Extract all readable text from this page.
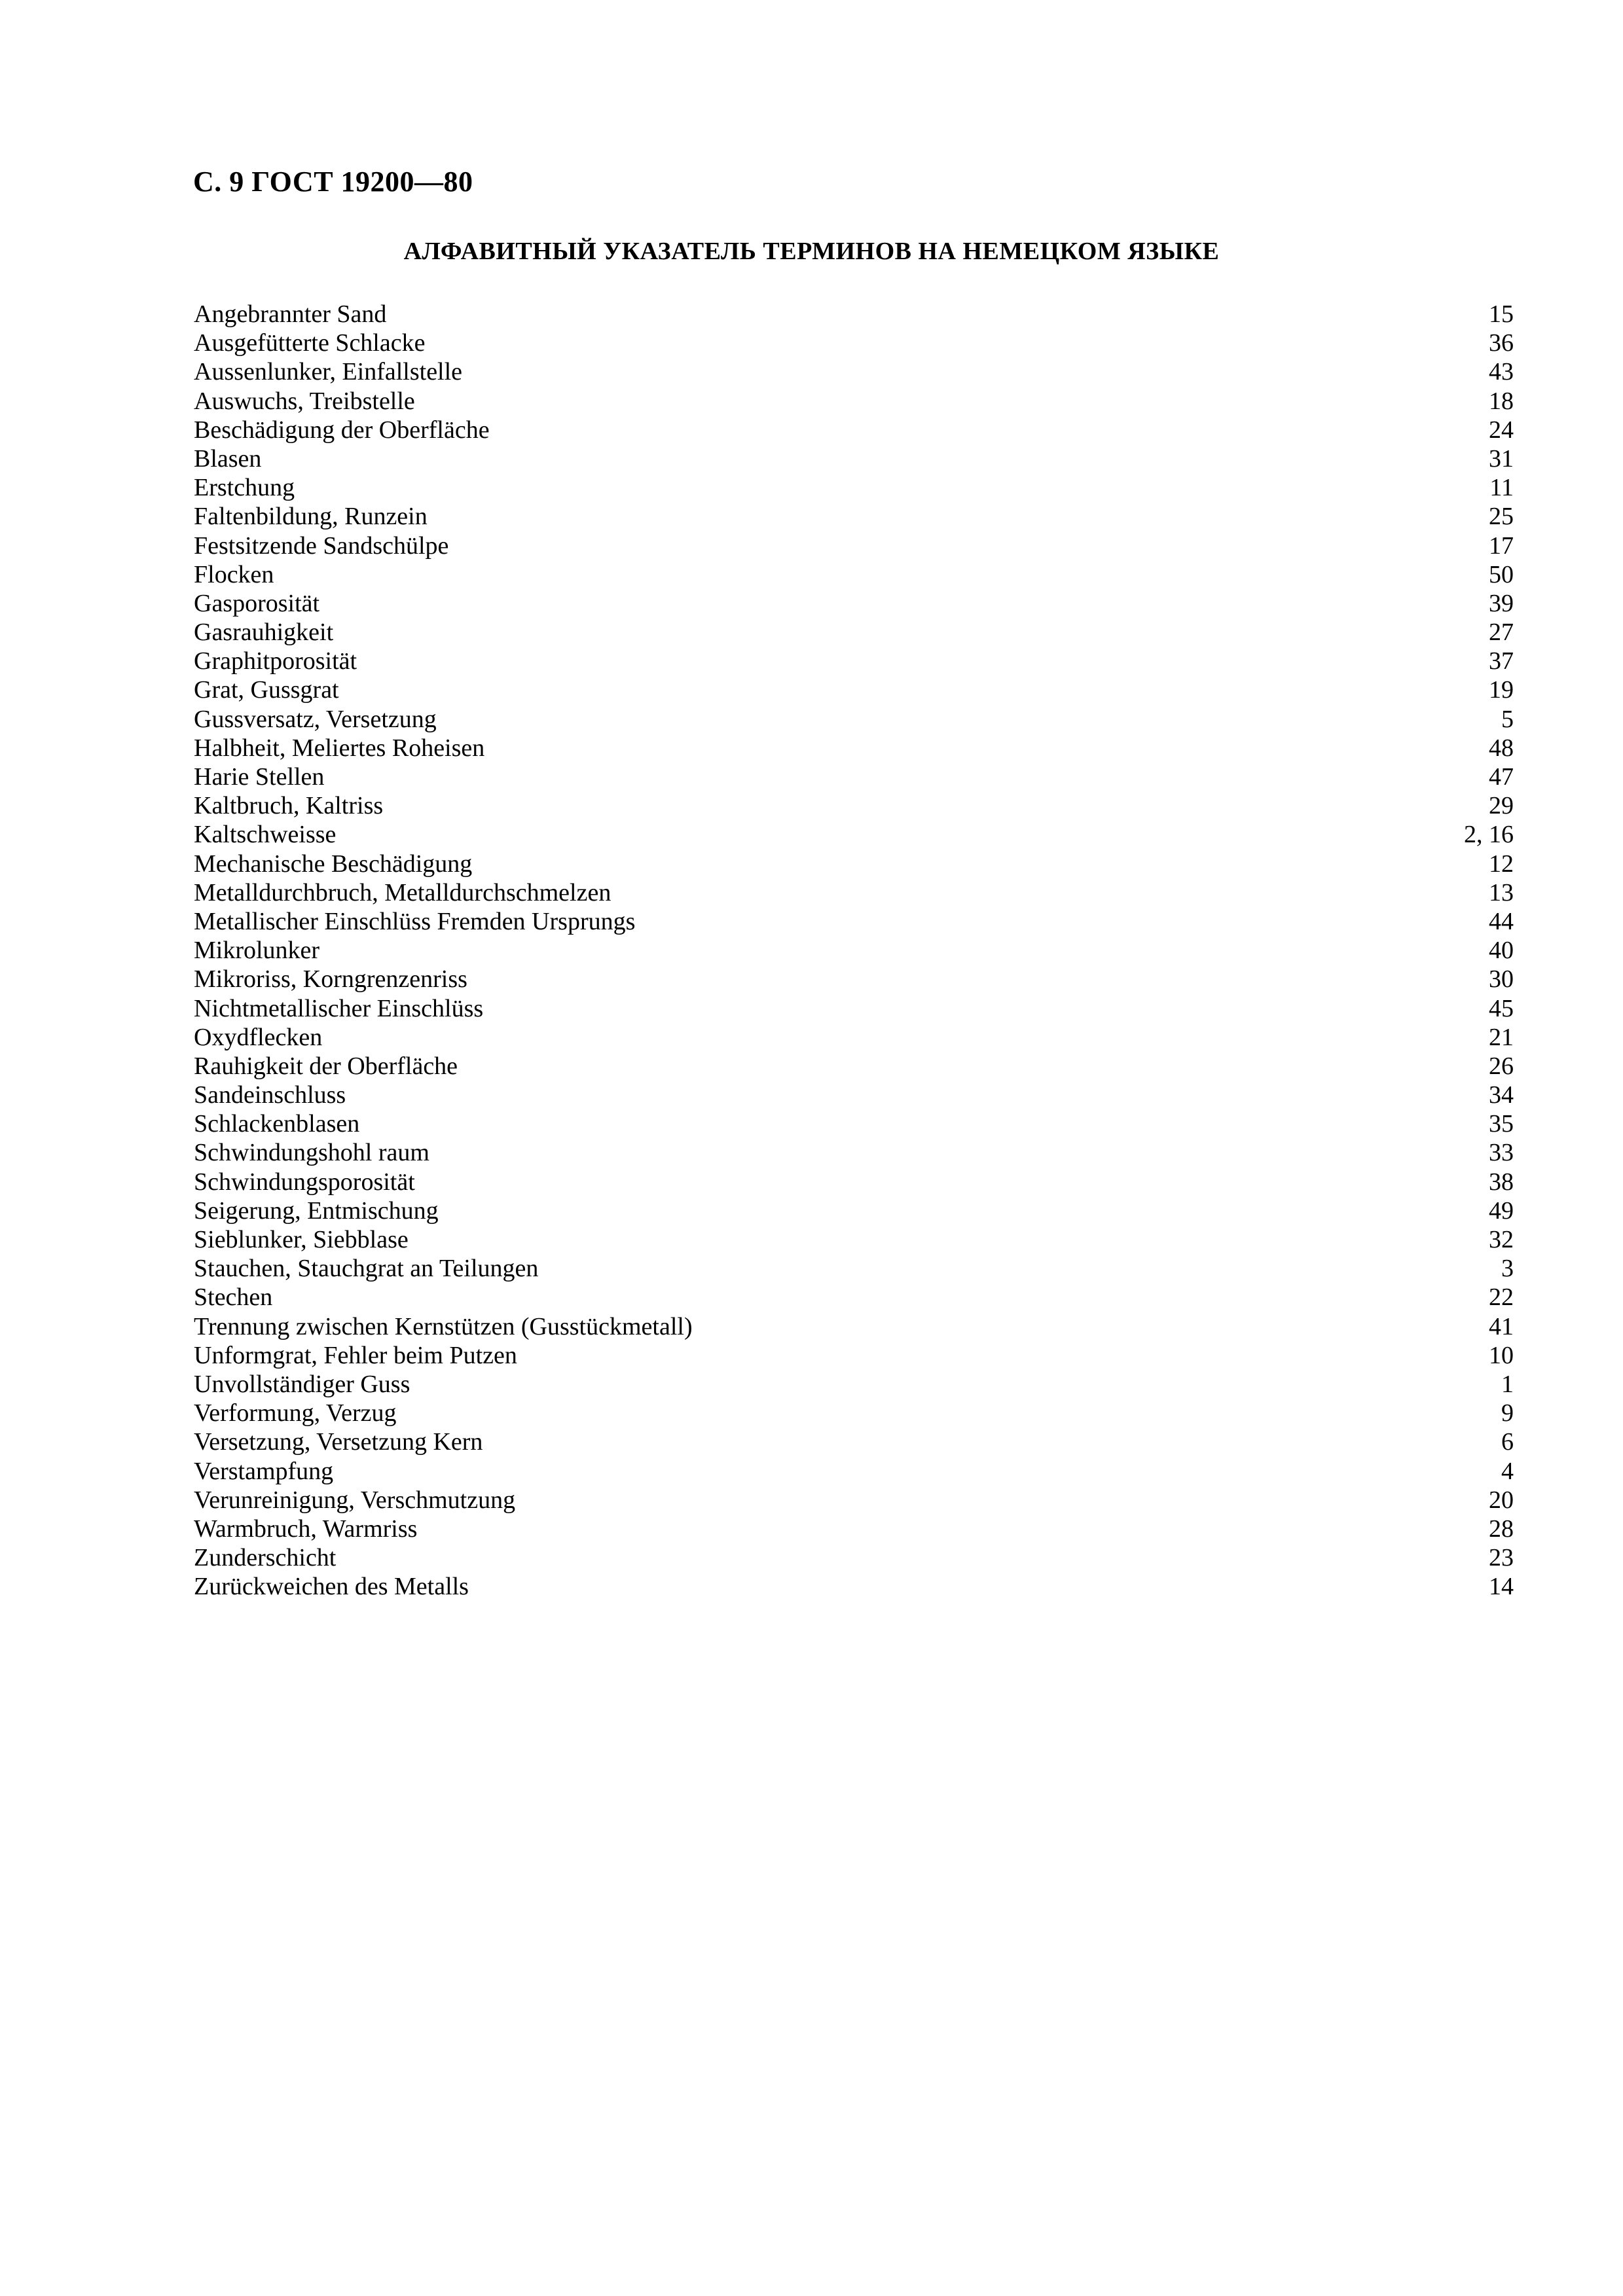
С. 9 ГОСТ 19200—80
АЛФАВИТНЫЙ УКАЗАТЕЛЬ ТЕРМИНОВ НА НЕМЕЦКОМ ЯЗЫКЕ
Angebrannter Sand	15
Ausgefütterte Schlacke	36
Aussenlunker, Einfallstelle	43
Auswuchs, Treibstelle	18
Beschädigung der Oberfläche	24
Blasen	31
Erstchung	11
Faltenbildung, Runzein	25
Festsitzende Sandschülpe	17
Flocken	50
Gasporosität	39
Gasrauhigkeit	27
Graphitporosität	37
Grat, Gussgrat	19
Gussversatz, Versetzung	5
Halbheit, Meliertes Roheisen	48
Harie Stellen	47
Kaltbruch, Kaltriss	29
Kaltschweisse	2, 16
Mechanische Beschädigung	12
Metalldurchbruch, Metalldurchschmelzen	13
Metallischer Einschlüss Fremden Ursprungs	44
Mikrolunker	40
Mikroriss, Korngrenzenriss	30
Nichtmetallischer Einschlüss	45
Oxydflecken	21
Rauhigkeit der Oberfläche	26
Sandeinschluss	34
Schlackenblasen	35
Schwindungshohl raum	33
Schwindungsporosität	38
Seigerung, Entmischung	49
Sieblunker, Siebblase	32
Stauchen, Stauchgrat an Teilungen	3
Stechen	22
Trennung zwischen Kernstützen (Gusstückmetall)	41
Unformgrat, Fehler beim Putzen	10
Unvollständiger Guss	1
Verformung, Verzug	9
Versetzung, Versetzung Kern	6
Verstampfung	4
Verunreinigung, Verschmutzung	20
Warmbruch, Warmriss	28
Zunderschicht	23
Zurückweichen des Metalls	14
